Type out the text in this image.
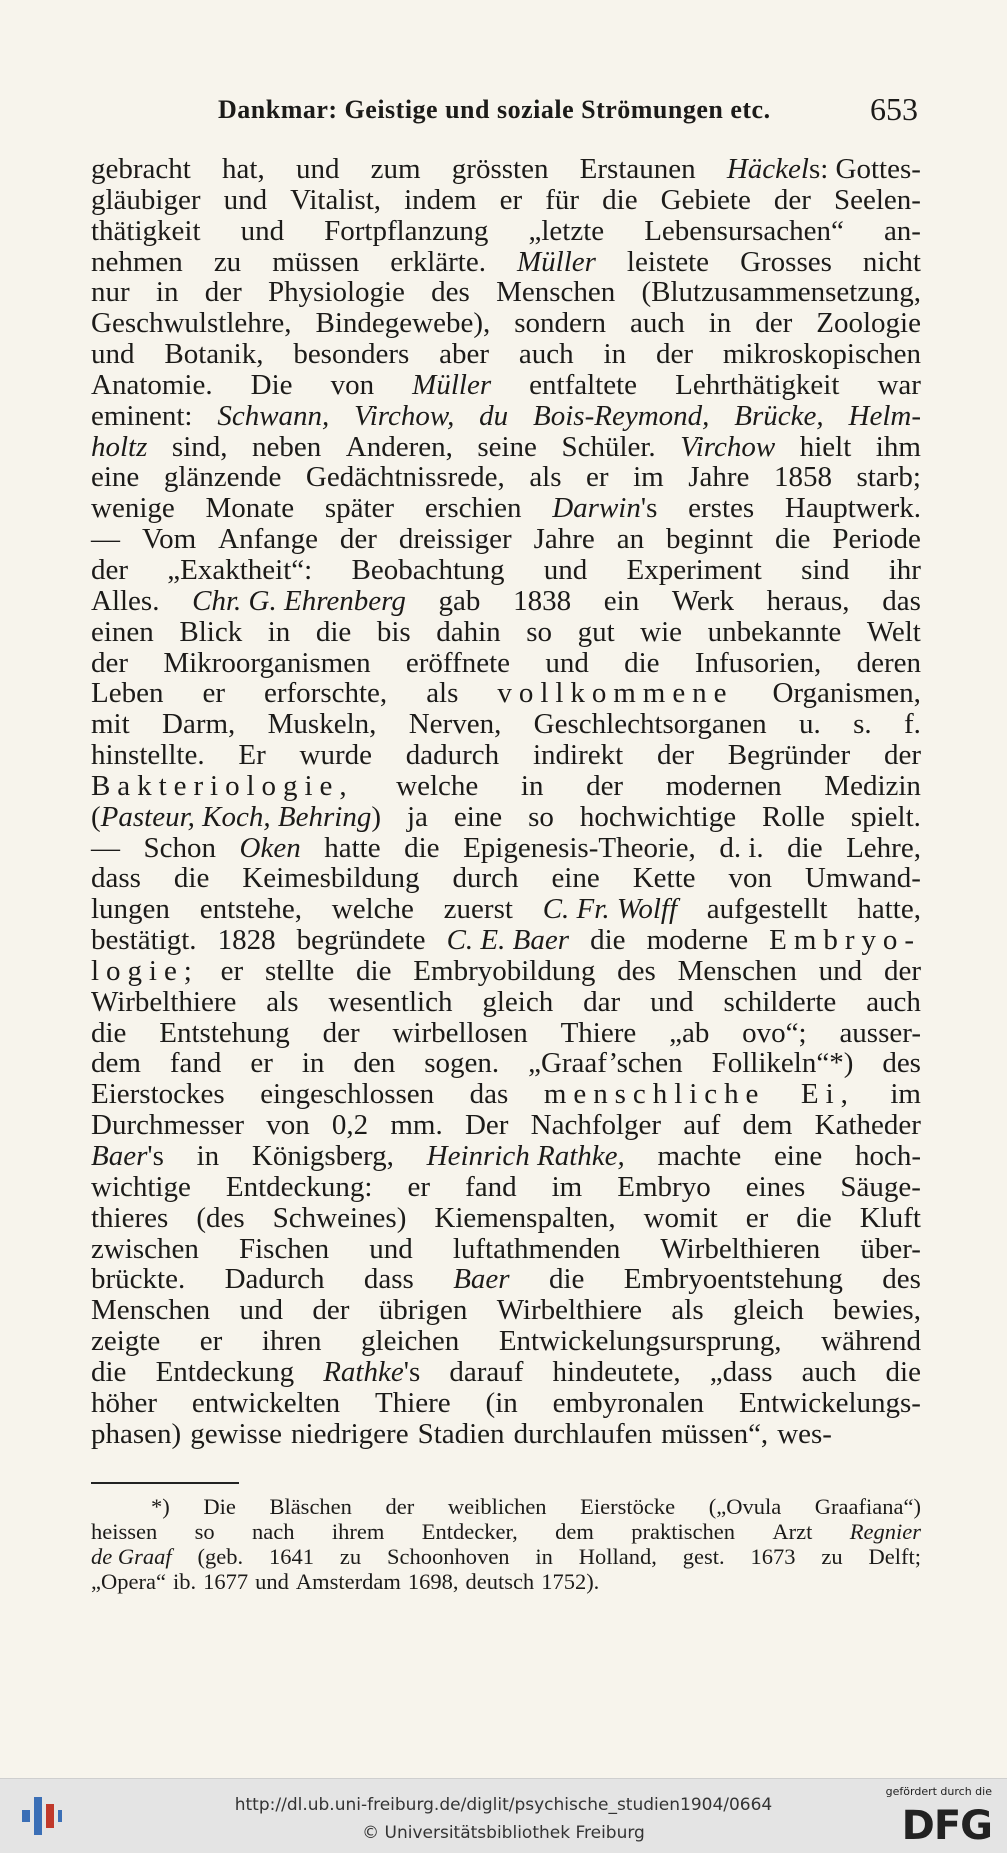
Dankmar: Geistige und soziale Strömungen etc.	653
gebracht hat, und zum grössten Erstaunen Häckels: Gottes-
gläubiger und Vitalist, indem er für die Gebiete der Seelen-
thätigkeit und Fortpflanzung „letzte Lebensursachen“ an-
nehmen zu müssen erklärte. Müller leistete Grosses nicht
nur in der Physiologie des Menschen (Blutzusammensetzung,
Geschwulstlehre, Bindegewebe), sondern auch in der Zoologie
und Botanik, besonders aber auch in der mikroskopischen
Anatomie. Die von Müller entfaltete Lehrthätigkeit war
eminent: Schwann, Virchow, du Bois-Reymond, Brücke, Helm-
holtz sind, neben Anderen, seine Schüler. Virchow hielt ihm
eine glänzende Gedächtnissrede, als er im Jahre 1858 starb;
wenige Monate später erschien Darwin's erstes Hauptwerk.
— Vom Anfange der dreissiger Jahre an beginnt die Periode
der „Exaktheit“: Beobachtung und Experiment sind ihr
Alles. Chr. G. Ehrenberg gab 1838 ein Werk heraus, das
einen Blick in die bis dahin so gut wie unbekannte Welt
der Mikroorganismen eröffnete und die Infusorien, deren
Leben er erforschte, als vollkommene Organismen,
mit Darm, Muskeln, Nerven, Geschlechtsorganen u. s. f.
hinstellte. Er wurde dadurch indirekt der Begründer der
Bakteriologie, welche in der modernen Medizin
(Pasteur, Koch, Behring) ja eine so hochwichtige Rolle spielt.
— Schon Oken hatte die Epigenesis-Theorie, d. i. die Lehre,
dass die Keimesbildung durch eine Kette von Umwand-
lungen entstehe, welche zuerst C. Fr. Wolff aufgestellt hatte,
bestätigt. 1828 begründete C. E. Baer die moderne Embryo-
logie; er stellte die Embryobildung des Menschen und der
Wirbelthiere als wesentlich gleich dar und schilderte auch
die Entstehung der wirbellosen Thiere „ab ovo“; ausser-
dem fand er in den sogen. „Graaf’schen Follikeln“*) des
Eierstockes eingeschlossen das menschliche Ei, im
Durchmesser von 0,2 mm. Der Nachfolger auf dem Katheder
Baer's in Königsberg, Heinrich Rathke, machte eine hoch-
wichtige Entdeckung: er fand im Embryo eines Säuge-
thieres (des Schweines) Kiemenspalten, womit er die Kluft
zwischen Fischen und luftathmenden Wirbelthieren über-
brückte. Dadurch dass Baer die Embryoentstehung des
Menschen und der übrigen Wirbelthiere als gleich bewies,
zeigte er ihren gleichen Entwickelungsursprung, während
die Entdeckung Rathke's darauf hindeutete, „dass auch die
höher entwickelten Thiere (in embyronalen Entwickelungs-
phasen) gewisse niedrigere Stadien durchlaufen müssen“, wes-
*) Die Bläschen der weiblichen Eierstöcke („Ovula Graafiana“)
heissen so nach ihrem Entdecker, dem praktischen Arzt Regnier
de Graaf (geb. 1641 zu Schoonhoven in Holland, gest. 1673 zu Delft;
„Opera“ ib. 1677 und Amsterdam 1698, deutsch 1752).
http://dl.ub.uni-freiburg.de/diglit/psychische_studien1904/0664
© Universitätsbibliothek Freiburg
gefördert durch die
DFG
